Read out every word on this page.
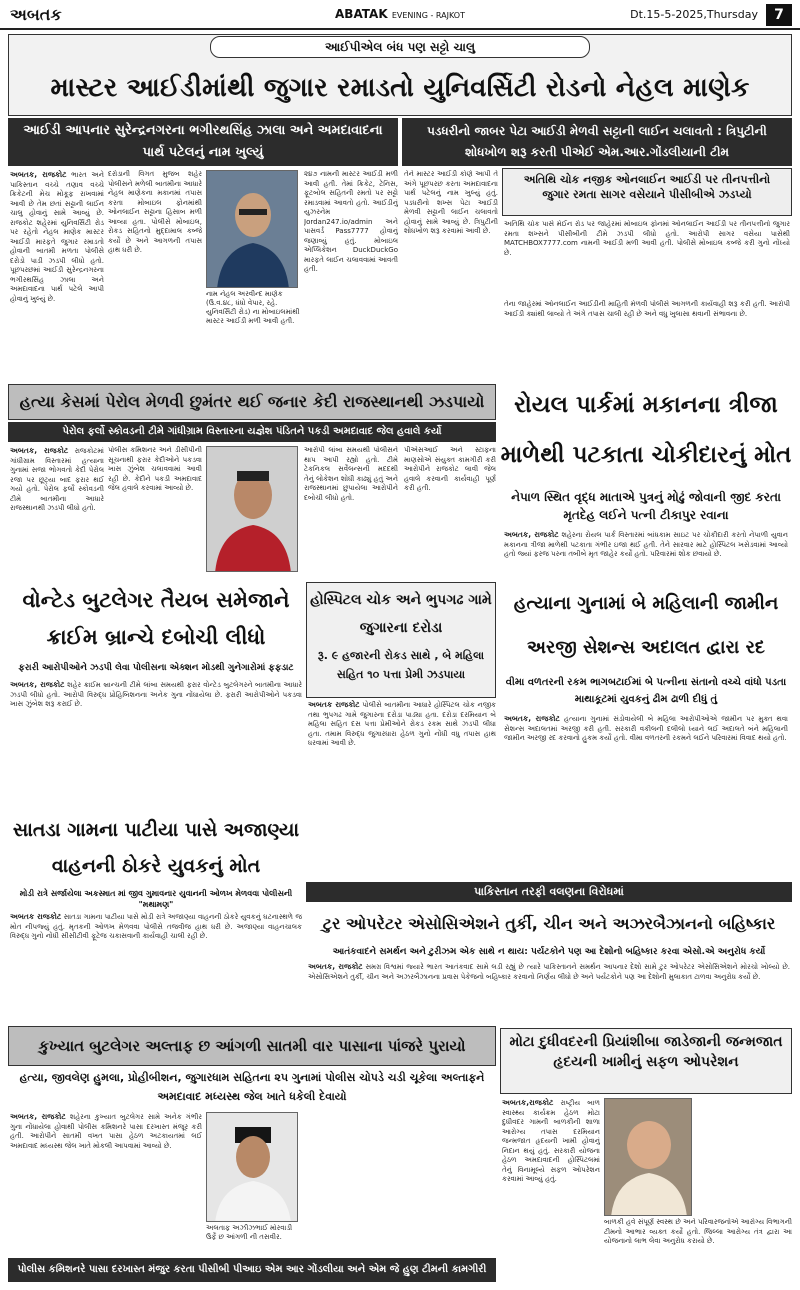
અબતક	ABATAK EVENING - RAJKOT	Dt.15-5-2025,Thursday	7
આઈપીએલ બંધ પણ સટ્ટો ચાલુ
માસ્ટર આઈડીમાંથી જુગાર રમાડતો યુનિવર્સિટી રોડનો નેહલ માણેક
આઈડી આપનાર સુરેન્દ્રનગરના ભગીરથસિંહ ઝાલા અને અમદાવાદના પાર્થ પટેલનું નામ ખુલ્યું
પડધરીનો જાબર પેટા આઈડી મેળવી સટ્ટાની લાઈન ચલાવતો : ત્રિપુટીની શોધખોળ શરૂ કરતી પીએઈ એમ.આર.ગોંડલીયાની ટીમ
અબતક, રાજકોટ ભારત અને પાકિસ્તાન વચ્ચે તણાવ વચ્ચે ક્રિકેટની મેચ મોકૂફ રાખવામાં આવી છે તેમ છતાં સટ્ટાની લાઈન ચાલુ હોવાનું સામે આવ્યું છે. રાજકોટ શહેરમાં યુનિવર્સિટી રોડ પર રહેતો નેહલ માણેક માસ્ટર આઈડી મારફતે જુગાર રમાડતો હોવાની બાતમી મળતા પોલીસે દરોડો પાડી ઝડપી લીધો હતો. પૂછપરછમાં આઈડી સુરેન્દ્રનગરના ભગીરથસિંહ ઝાલા અને અમદાવાદના પાર્થ પટેલે આપી હોવાનું ખુલ્યું છે.
દરોડાની વિગત મુજબ શહેર પોલીસને મળેલી બાતમીના આધારે નેહલ માણેકના મકાનમાં તપાસ કરતા મોબાઇલ ફોનમાંથી ઓનલાઈન સટ્ટાના હિસાબ મળી આવ્યા હતા. પોલીસે મોબાઇલ, રોકડ સહિતનો મુદ્દામાલ કબ્જે કર્યો છે અને આગળની તપાસ હાથ ધરી છે.
નામ નેહલ અરવીન્દ માણેક (ઉ.વ.૪૮, ધંધો વેપાર, રહે. યુનિવર્સિટી રોડ) ના મોબાઇલમાંથી માસ્ટર આઈડી મળી આવી હતી.
૨૪૭ નામની માસ્ટર આઈડી મળી આવી હતી. તેમાં ક્રિકેટ, ટેનિસ, ફૂટબોલ સહિતની રમતો પર સટ્ટો રમાડવામાં આવતો હતો. આઈડીનું યુઝરનેમ Jordan247.io/admin અને પાસવર્ડ Pass7777 હોવાનું જણાવ્યું હતું. મોબાઇલ એપ્લિકેશન DuckDuckGo મારફતે લાઈન ચલાવવામાં આવતી હતી.
તેને માસ્ટર આઈડી કોણે આપી તે અંગે પૂછપરછ કરતા અમદાવાદના પાર્થ પટેલનું નામ ખુલ્યું હતું. પડધરીનો શખ્સ પેટા આઈડી મેળવી સટ્ટાની લાઈન ચલાવતો હોવાનું સામે આવ્યું છે. ત્રિપુટીની શોધખોળ શરૂ કરવામાં આવી છે.
અતિથિ ચોક નજીક ઓનલાઈન આઈડી પર તીનપત્તીનો જુગાર રમતા સાગર વસેયાને પીસીબીએ ઝડપ્યો
અતિથિ ચોક પાસે મેઈન રોડ પર જાહેરમાં મોબાઇલ ફોનમાં ઓનલાઈન આઈડી પર તીનપત્તીનો જુગાર રમતા શખ્સને પીસીબીની ટીમે ઝડપી લીધો હતો. આરોપી સાગર વસેયા પાસેથી MATCHBOX7777.com નામની આઈડી મળી આવી હતી. પોલીસે મોબાઇલ કબ્જે કરી ગુનો નોંધ્યો છે.
તેના જાહેરમાં ઓનલાઈન આઈડીની માહિતી મેળવી પોલીસે આગળની કાર્યવાહી શરૂ કરી હતી. આરોપી આઈડી ક્યાંથી લાવ્યો તે અંગે તપાસ ચાલી રહી છે અને વધુ ખુલાસા થવાની સંભાવના છે.
હત્યા કેસમાં પેરોલ મેળવી છુમંતર થઈ જનાર કેદી રાજસ્થાનથી ઝડપાયો
પેરોલ ફર્લો સ્કોવડની ટીમે ગાંધીગ્રામ વિસ્તારના યજ્ઞેશ પંડિતને પકડી અમદાવાદ જેલ હવાલે કર્યો
અબતક, રાજકોટ રાજકોટમાં ગાંધીગ્રામ વિસ્તારમાં હત્યાના ગુનામાં સજા ભોગવતો કેદી પેરોલ રજા પર છૂટ્યા બાદ ફરાર થઈ ગયો હતો. પેરોલ ફર્લો સ્કોવડની ટીમે બાતમીના આધારે રાજસ્થાનથી ઝડપી લીધો હતો.
પોલીસ કમિશનર અને ડીસીપીની સૂચનાથી ફરાર કેદીઓને પકડવા ખાસ ઝુંબેશ ચલાવવામાં આવી રહી છે. કેદીને પકડી અમદાવાદ જેલ હવાલે કરવામાં આવ્યો છે.
આરોપી લાંબા સમયથી પોલીસને થાપ આપી રહ્યો હતો. ટીમે ટેકનિકલ સર્વેલન્સની મદદથી તેનું લોકેશન શોધી કાઢ્યું હતું અને રાજસ્થાનમાં છુપાયેલા આરોપીને દબોચી લીધો હતો.
પીએસઆઈ અને સ્ટાફના માણસોએ સંયુક્ત કામગીરી કરી આરોપીને રાજકોટ લાવી જેલ હવાલે કરવાની કાર્યવાહી પૂર્ણ કરી હતી.
રોયલ પાર્કમાં મકાનના ત્રીજા માળેથી પટકાતા ચોકીદારનું મોત
નેપાળ સ્થિત વૃદ્ધ માતાએ પુત્રનું મોઢું જોવાની જીદ કરતા મૃતદેહ લઈને પત્ની ટીકાપુર રવાના
અબતક, રાજકોટ શહેરના રોયલ પાર્ક વિસ્તારમાં બાંધકામ સાઇટ પર ચોકીદારી કરતો નેપાળી યુવાન મકાનના ત્રીજા માળેથી પટકાતા ગંભીર ઇજા થઈ હતી. તેને સારવાર માટે હોસ્પિટલ ખસેડવામાં આવ્યો હતો જ્યાં ફરજ પરના તબીબે મૃત જાહેર કર્યો હતો. પરિવારમાં શોક છવાયો છે.
વોન્ટેડ બુટલેગર તૈયબ સમેજાને ક્રાઈમ બ્રાન્ચે દબોચી લીધો
ફરારી આરોપીઓને ઝડપી લેવા પોલીસના એક્શન મોડથી ગુનેગારોમાં ફફડાટ
અબતક, રાજકોટ શહેર ક્રાઈમ બ્રાન્ચની ટીમે લાંબા સમયથી ફરાર વોન્ટેડ બુટલેગરને બાતમીના આધારે ઝડપી લીધો હતો. આરોપી વિરુદ્ધ પ્રોહિબિશનના અનેક ગુના નોંધાયેલા છે. ફરારી આરોપીઓને પકડવા ખાસ ઝુંબેશ શરૂ કરાઈ છે.
હોસ્પિટલ ચોક અને ભુપગઢ ગામે જુગારના દરોડા
રૂ. ૯ હજારની રોકડ સાથે , બે મહિલા સહિત ૧૦ પત્તા પ્રેમી ઝડપાયા
અબતક રાજકોટ પોલીસે બાતમીના આધારે હોસ્પિટલ ચોક નજીક તથા ભુપગઢ ગામે જુગારના દરોડા પાડ્યા હતા. દરોડા દરમિયાન બે મહિલા સહિત દસ પત્તા પ્રેમીઓને રોકડ રકમ સાથે ઝડપી લીધા હતા. તમામ વિરુદ્ધ જુગારધારા હેઠળ ગુનો નોંધી વધુ તપાસ હાથ ધરવામાં આવી છે.
હત્યાના ગુનામાં બે મહિલાની જામીન અરજી સેશન્સ અદાલત દ્વારા રદ
વીમા વળતરની રકમ ભાગબટાઈમાં બે પત્નીના સંતાનો વચ્ચે વાંધો પડતા માથાકૂટમાં યુવકનું ઢીમ ઢાળી દીધું તું
અબતક, રાજકોટ હત્યાના ગુનામાં સંડોવાયેલી બે મહિલા આરોપીઓએ જામીન પર મુક્ત થવા સેશન્સ અદાલતમાં અરજી કરી હતી. સરકારી વકીલની દલીલો ધ્યાને લઈ અદાલતે બંને મહિલાની જામીન અરજી રદ કરવાનો હુકમ કર્યો હતો. વીમા વળતરની રકમને લઈને પરિવારમાં વિવાદ થયો હતો.
સાતડા ગામના પાટીયા પાસે અજાણ્યા વાહનની ઠોકરે યુવકનું મોત
મોડી રાત્રે સર્જાયેલા અકસ્માત માં જીવ ગુમાવનાર યુવાનની ઓળખ મેળવવા પોલીસની "મથામણ"
અબતક રાજકોટ સાતડા ગામના પાટીયા પાસે મોડી રાત્રે અજાણ્યા વાહનની ઠોકરે યુવકનું ઘટનાસ્થળે જ મોત નીપજ્યું હતું. મૃતકની ઓળખ મેળવવા પોલીસે તજવીજ હાથ ધરી છે. અજાણ્યા વાહનચાલક વિરુદ્ધ ગુનો નોંધી સીસીટીવી ફૂટેજ ચકાસવાની કાર્યવાહી ચાલી રહી છે.
પાકિસ્તાન તરફી વલણના વિરોધમાં
ટુર ઓપરેટર એસોસિએશને તુર્કી, ચીન અને અઝરબૈઝાનનો બહિષ્કાર
આતંકવાદને સમર્થન અને ટુરીઝમ એક સાથે ન થાય: પર્યટકોને પણ આ દેશોનો બહિષ્કાર કરવા એસો.એ અનુરોધ કર્યો
અબતક, રાજકોટ સમગ્ર વિશ્વમાં જ્યારે ભારત આતંકવાદ સામે લડી રહ્યું છે ત્યારે પાકિસ્તાનને સમર્થન આપનાર દેશો સામે ટુર ઓપરેટર એસોસિએશને મોરચો ખોલ્યો છે. એસોસિએશને તુર્કી, ચીન અને અઝરબૈઝાનના પ્રવાસ પેકેજનો બહિષ્કાર કરવાનો નિર્ણય લીધો છે અને પર્યટકોને પણ આ દેશોની મુલાકાત ટાળવા અનુરોધ કર્યો છે.
કુખ્યાત બુટલેગર અલ્તાફ છ આંગળી સાતમી વાર પાસાના પાંજરે પુરાયો
હત્યા, જીવલેણ હુમલા, પ્રોહીબીશન, જુગારધામ સહિતના ૨૫ ગુનામાં પોલીસ ચોપડે ચડી ચૂકેલા અલ્તાફને અમદાવાદ મધ્યસ્થ જેલ ખાતે ધકેલી દેવાયો
અબતક, રાજકોટ શહેરના કુખ્યાત બુટલેગર સામે અનેક ગંભીર ગુના નોંધાયેલા હોવાથી પોલીસ કમિશનરે પાસા દરખાસ્ત મંજૂર કરી હતી. આરોપીને સાતમી વખત પાસા હેઠળ અટકાયતમાં લઈ અમદાવાદ મધ્યસ્થ જેલ ખાતે મોકલી આપવામાં આવ્યો છે.
અલતાફ અઝીઝભાઈ મોરવાડી ઉર્ફે છ આંગળી ની તસવીર.
પોલીસ કમિશનરે પાસા દરખાસ્ત મંજુર કરતા પીસીબી પીઆઇ એમ આર ગોંડલીયા અને એમ જે હુણ ટીમની કામગીરી
મોટા દુધીવદરની પ્રિયાંશીબા જાડેજાની જન્મજાત હૃદયની ખામીનું સફળ ઓપરેશન
અબતક,રાજકોટ રાષ્ટ્રીય બાળ સ્વાસ્થ્ય કાર્યક્રમ હેઠળ મોટા દુધીવદર ગામની બાળકીની શાળા આરોગ્ય તપાસ દરમિયાન જન્મજાત હૃદયની ખામી હોવાનું નિદાન થયું હતું. સરકારી યોજના હેઠળ અમદાવાદની હોસ્પિટલમાં તેનું વિનામૂલ્યે સફળ ઓપરેશન કરવામાં આવ્યું હતું.
બાળકી હવે સંપૂર્ણ સ્વસ્થ છે અને પરિવારજનોએ આરોગ્ય વિભાગની ટીમનો આભાર વ્યક્ત કર્યો હતો. જિલ્લા આરોગ્ય તંત્ર દ્વારા આ યોજનાનો લાભ લેવા અનુરોધ કરાયો છે.
